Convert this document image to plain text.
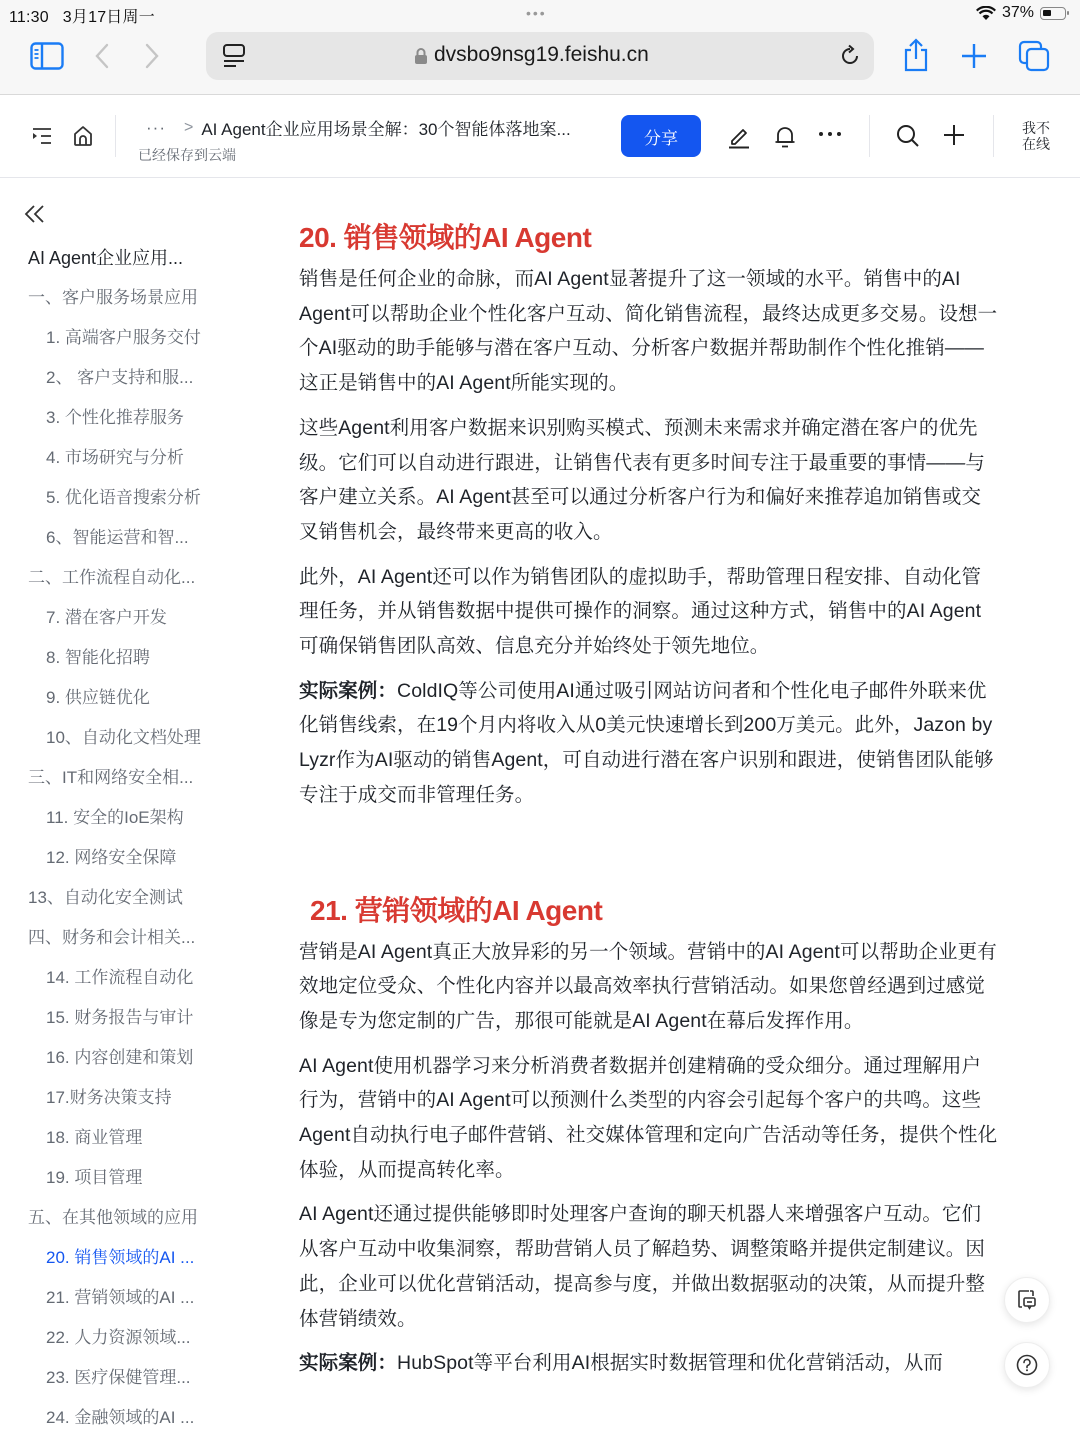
11:30 3月17日周一	•••	37%
dvsbo9nsg19.feishu.cn
··· > AI Agent企业应用场景全解：30个智能体落地案...
已经保存到云端
分享
我不在线
AI Agent企业应用...
一、客户服务场景应用
1. 高端客户服务交付
2、 客户支持和服...
3. 个性化推荐服务
4. 市场研究与分析
5. 优化语音搜索分析
6、智能运营和智...
二、工作流程自动化...
7. 潜在客户开发
8. 智能化招聘
9. 供应链优化
10、自动化文档处理
三、IT和网络安全相...
11. 安全的IoE架构
12. 网络安全保障
13、自动化安全测试
四、财务和会计相关...
14. 工作流程自动化
15. 财务报告与审计
16. 内容创建和策划
17.财务决策支持
18. 商业管理
19. 项目管理
五、在其他领域的应用
20. 销售领域的AI ...
21. 营销领域的AI ...
22. 人力资源领域...
23. 医疗保健管理...
24. 金融领域的AI ...
20. 销售领域的AI Agent

销售是任何企业的命脉，而AI Agent显著提升了这一领域的水平。销售中的AI Agent可以帮助企业个性化客户互动、简化销售流程，最终达成更多交易。设想一个AI驱动的助手能够与潜在客户互动、分析客户数据并帮助制作个性化推销——这正是销售中的AI Agent所能实现的。

这些Agent利用客户数据来识别购买模式、预测未来需求并确定潜在客户的优先级。它们可以自动进行跟进，让销售代表有更多时间专注于最重要的事情——与客户建立关系。AI Agent甚至可以通过分析客户行为和偏好来推荐追加销售或交叉销售机会，最终带来更高的收入。

此外，AI Agent还可以作为销售团队的虚拟助手，帮助管理日程安排、自动化管理任务，并从销售数据中提供可操作的洞察。通过这种方式，销售中的AI Agent可确保销售团队高效、信息充分并始终处于领先地位。

实际案例：ColdIQ等公司使用AI通过吸引网站访问者和个性化电子邮件外联来优化销售线索，在19个月内将收入从0美元快速增长到200万美元。此外，Jazon by Lyzr作为AI驱动的销售Agent，可自动进行潜在客户识别和跟进，使销售团队能够专注于成交而非管理任务。

21. 营销领域的AI Agent

营销是AI Agent真正大放异彩的另一个领域。营销中的AI Agent可以帮助企业更有效地定位受众、个性化内容并以最高效率执行营销活动。如果您曾经遇到过感觉像是专为您定制的广告，那很可能就是AI Agent在幕后发挥作用。

AI Agent使用机器学习来分析消费者数据并创建精确的受众细分。通过理解用户行为，营销中的AI Agent可以预测什么类型的内容会引起每个客户的共鸣。这些Agent自动执行电子邮件营销、社交媒体管理和定向广告活动等任务，提供个性化体验，从而提高转化率。

AI Agent还通过提供能够即时处理客户查询的聊天机器人来增强客户互动。它们从客户互动中收集洞察，帮助营销人员了解趋势、调整策略并提供定制建议。因此，企业可以优化营销活动，提高参与度，并做出数据驱动的决策，从而提升整体营销绩效。

实际案例：HubSpot等平台利用AI根据实时数据管理和优化营销活动，从而
